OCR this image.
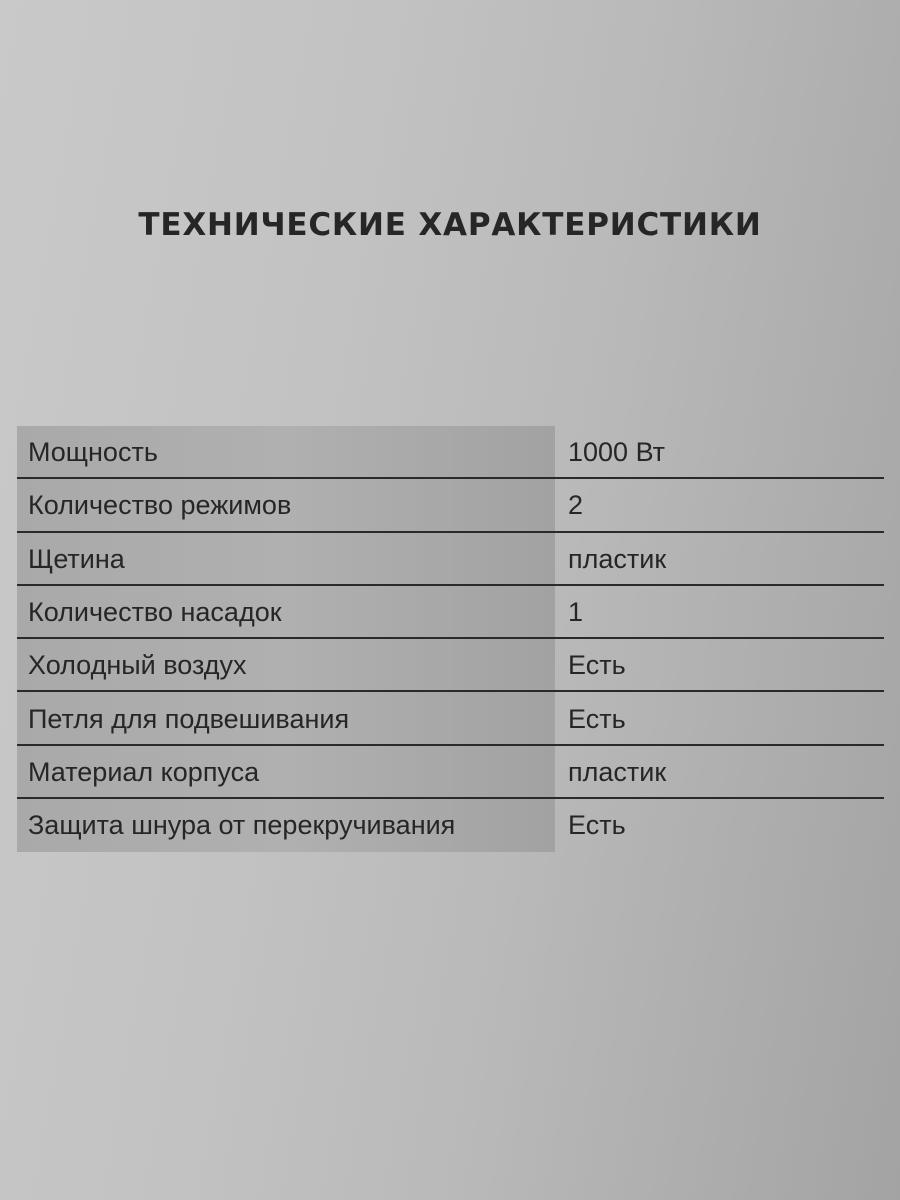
ТЕХНИЧЕСКИЕ ХАРАКТЕРИСТИКИ
Мощность	1000 Вт
Количество режимов	2
Щетина	пластик
Количество насадок	1
Холодный воздух	Есть
Петля для подвешивания	Есть
Материал корпуса	пластик
Защита шнура от перекручивания	Есть
